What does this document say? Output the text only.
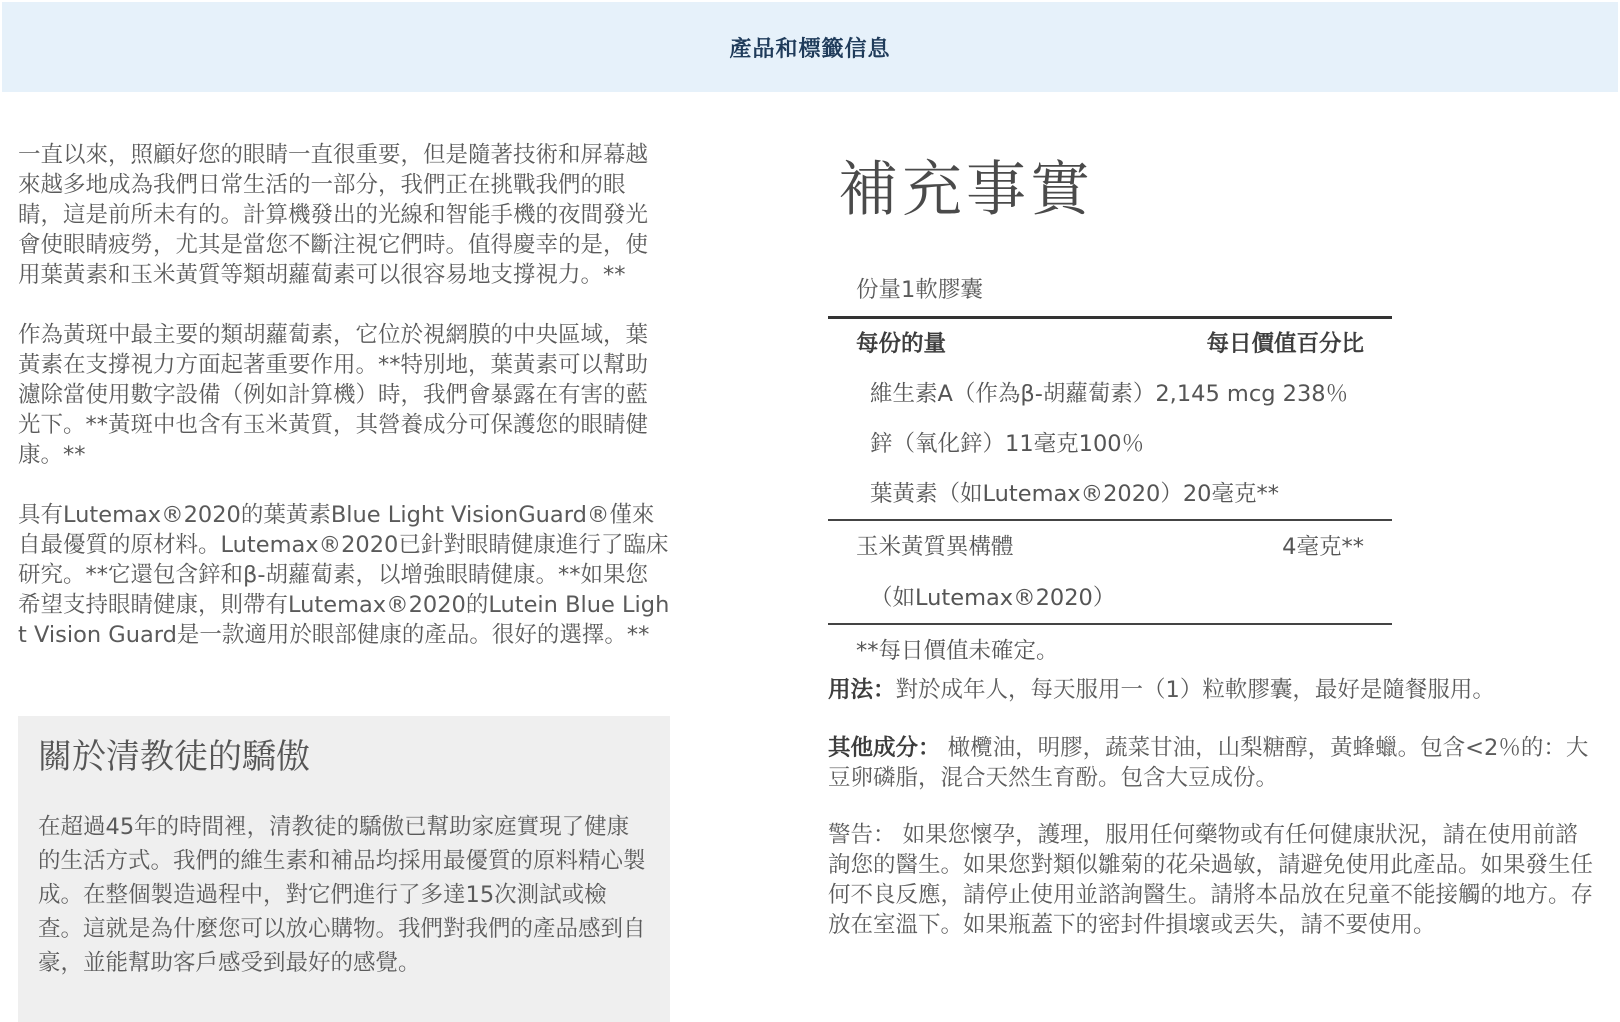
產品和標籤信息

一直以來，照顧好您的眼睛一直很重要，但是隨著技術和屏幕越來越多地成為我們日常生活的一部分，我們正在挑戰我們的眼睛，這是前所未有的。計算機發出的光線和智能手機的夜間發光會使眼睛疲勞，尤其是當您不斷注視它們時。值得慶幸的是，使用葉黃素和玉米黃質等類胡蘿蔔素可以很容易地支撐視力。**

作為黃斑中最主要的類胡蘿蔔素，它位於視網膜的中央區域，葉黃素在支撐視力方面起著重要作用。**特別地，葉黃素可以幫助濾除當使用數字設備（例如計算機）時，我們會暴露在有害的藍光下。**黃斑中也含有玉米黃質，其營養成分可保護您的眼睛健康。**

具有Lutemax®2020的葉黃素Blue Light VisionGuard®僅來自最優質的原材料。Lutemax®2020已針對眼睛健康進行了臨床研究。**它還包含鋅和β-胡蘿蔔素，以增強眼睛健康。**如果您希望支持眼睛健康，則帶有Lutemax®2020的Lutein Blue Light Vision Guard是一款適用於眼部健康的產品。很好的選擇。**

關於清教徒的驕傲

在超過45年的時間裡，清教徒的驕傲已幫助家庭實現了健康的生活方式。我們的維生素和補品均採用最優質的原料精心製成。在整個製造過程中，對它們進行了多達15次測試或檢查。這就是為什麼您可以放心購物。我們對我們的產品感到自豪，並能幫助客戶感受到最好的感覺。

補充事實
份量1軟膠囊
每份的量	每日價值百分比
維生素A（作為β-胡蘿蔔素）2,145 mcg 238％
鋅（氧化鋅）11毫克100％
葉黃素（如Lutemax®2020）20毫克**
玉米黃質異構體	4毫克**
（如Lutemax®2020）
**每日價值未確定。

用法：對於成年人，每天服用一（1）粒軟膠囊，最好是隨餐服用。

其他成分： 橄欖油，明膠，蔬菜甘油，山梨糖醇，黃蜂蠟。包含<2％的：大豆卵磷脂，混合天然生育酚。包含大豆成份。

警告： 如果您懷孕，護理，服用任何藥物或有任何健康狀況，請在使用前諮詢您的醫生。如果您對類似雛菊的花朵過敏，請避免使用此產品。如果發生任何不良反應，請停止使用並諮詢醫生。請將本品放在兒童不能接觸的地方。存放在室溫下。如果瓶蓋下的密封件損壞或丟失，請不要使用。
